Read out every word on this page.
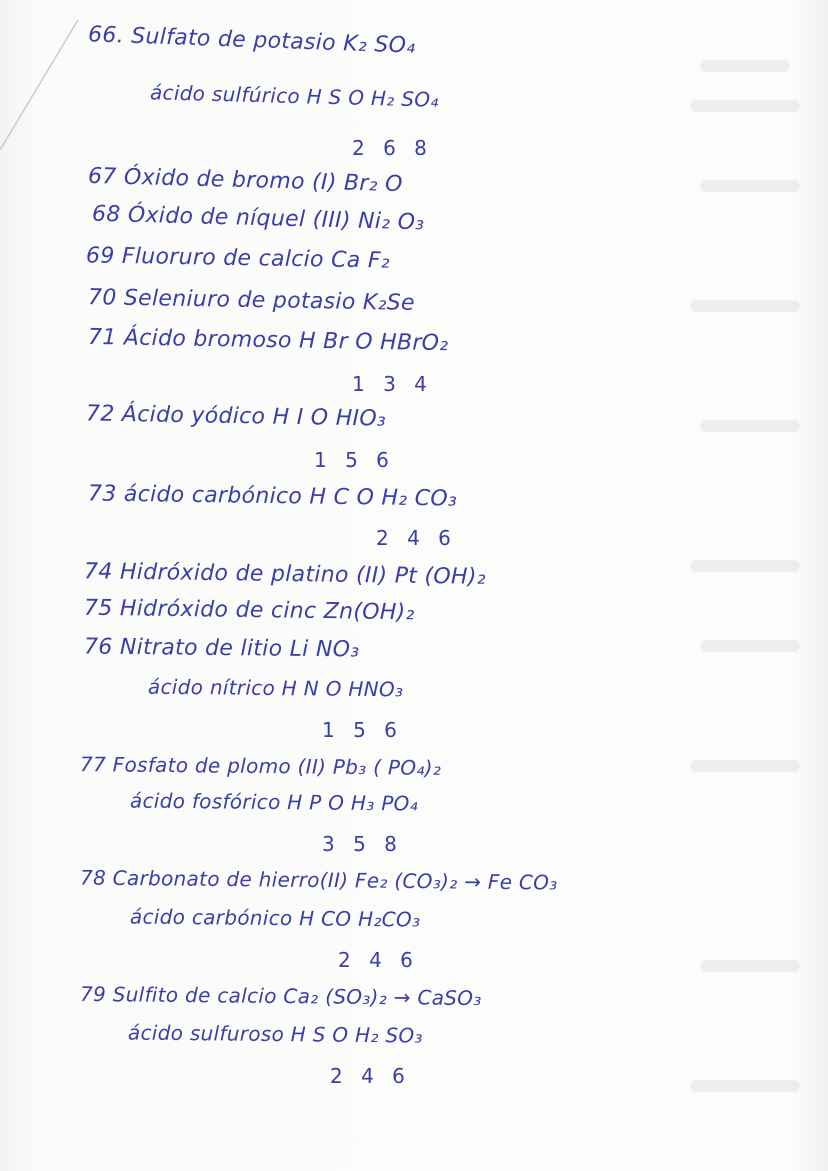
66. Sulfato de potasio K₂ SO₄
ácido sulfúrico H S O H₂ SO₄
2 6 8
67 Óxido de bromo (I) Br₂ O
68 Óxido de níquel (III) Ni₂ O₃
69 Fluoruro de calcio Ca F₂
70 Seleniuro de potasio K₂Se
71 Ácido bromoso H Br O HBrO₂
1 3 4
72 Ácido yódico H I O HIO₃
1 5 6
73 ácido carbónico H C O H₂ CO₃
2 4 6
74 Hidróxido de platino (II) Pt (OH)₂
75 Hidróxido de cinc Zn(OH)₂
76 Nitrato de litio Li NO₃
ácido nítrico H N O HNO₃
1 5 6
77 Fosfato de plomo (II) Pb₃ ( PO₄)₂
ácido fosfórico H P O H₃ PO₄
3 5 8
78 Carbonato de hierro(II) Fe₂ (CO₃)₂ → Fe CO₃
ácido carbónico H CO H₂CO₃
2 4 6
79 Sulfito de calcio Ca₂ (SO₃)₂ → CaSO₃
ácido sulfuroso H S O H₂ SO₃
2 4 6
